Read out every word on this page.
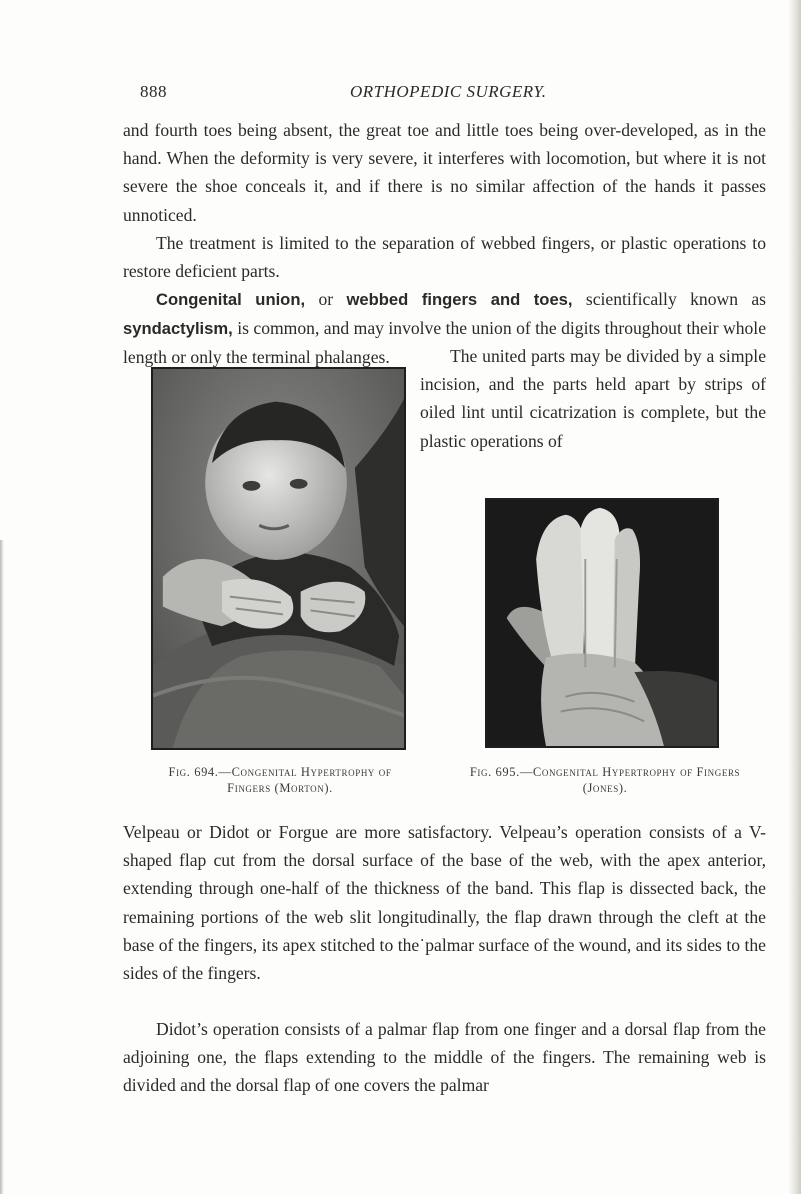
888	ORTHOPEDIC SURGERY.

and fourth toes being absent, the great toe and little toes being over-developed, as in the hand. When the deformity is very severe, it interferes with locomotion, but where it is not severe the shoe conceals it, and if there is no similar affection of the hands it passes unnoticed.

The treatment is limited to the separation of webbed fingers, or plastic operations to restore deficient parts.

Congenital union, or webbed fingers and toes, scientifically known as syndactylism, is common, and may involve the union of the digits throughout their whole length or only the terminal phalanges.	The united parts may be divided by a simple incision, and the parts held apart by strips of oiled lint until cicatrization is complete, but the plastic operations of

Fig. 694.—Congenital Hypertrophy of
Fingers (Morton).
Fig. 695.—Congenital Hypertrophy of Fingers
(Jones).

Velpeau or Didot or Forgue are more satisfactory. Velpeau’s operation consists of a V-shaped flap cut from the dorsal surface of the base of the web, with the apex anterior, extending through one-half of the thickness of the band. This flap is dissected back, the remaining portions of the web slit longitudinally, the flap drawn through the cleft at the base of the fingers, its apex stitched to the˙palmar surface of the wound, and its sides to the sides of the fingers.

Didot’s operation consists of a palmar flap from one finger and a dorsal flap from the adjoining one, the flaps extending to the middle of the fingers. The remaining web is divided and the dorsal flap of one covers the palmar
